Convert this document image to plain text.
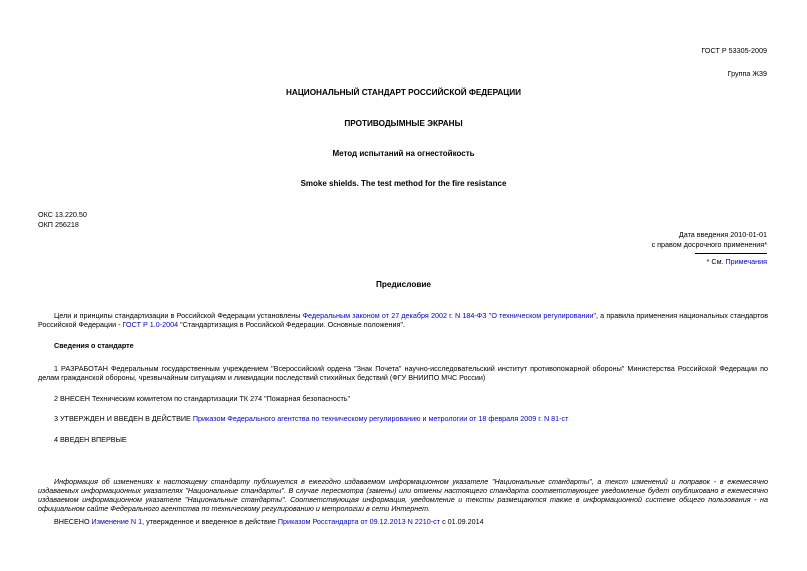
ГОСТ Р 53305-2009
Группа Ж39
НАЦИОНАЛЬНЫЙ СТАНДАРТ РОССИЙСКОЙ ФЕДЕРАЦИИ
ПРОТИВОДЫМНЫЕ ЭКРАНЫ
Метод испытаний на огнестойкость
Smoke shields. The test method for the fire resistance
ОКС 13.220.50
ОКП 256218
Дата введения 2010-01-01
с правом досрочного применения*
* См. Примечания
Предисловие
Цели и принципы стандартизации в Российской Федерации установлены Федеральным законом от 27 декабря 2002 г. N 184-ФЗ "О техническом регулировании", а правила применения национальных стандартов Российской Федерации - ГОСТ Р 1.0-2004 "Стандартизация в Российской Федерации. Основные положения".
Сведения о стандарте
1 РАЗРАБОТАН Федеральным государственным учреждением "Всероссийский ордена "Знак Почета" научно-исследовательский институт противопожарной обороны" Министерства Российской Федерации по делам гражданской обороны, чрезвычайным ситуациям и ликвидации последствий стихийных бедствий (ФГУ ВНИИПО МЧС России)
2 ВНЕСЕН Техническим комитетом по стандартизации ТК 274 "Пожарная безопасность"
3 УТВЕРЖДЕН И ВВЕДЕН В ДЕЙСТВИЕ Приказом Федерального агентства по техническому регулированию и метрологии от 18 февраля 2009 г. N 81-ст
4 ВВЕДЕН ВПЕРВЫЕ
Информация об изменениях к настоящему стандарту публикуется в ежегодно издаваемом информационном указателе "Национальные стандарты", а текст изменений и поправок - в ежемесячно издаваемых информационных указателях "Национальные стандарты". В случае пересмотра (замены) или отмены настоящего стандарта соответствующее уведомление будет опубликовано в ежемесячно издаваемом информационном указателе "Национальные стандарты". Соответствующая информация, уведомление и тексты размещаются также в информационной системе общего пользования - на официальном сайте Федерального агентства по техническому регулированию и метрологии в сети Интернет.
ВНЕСЕНО Изменение N 1, утвержденное и введенное в действие Приказом Росстандарта от 09.12.2013 N 2210-ст с 01.09.2014
